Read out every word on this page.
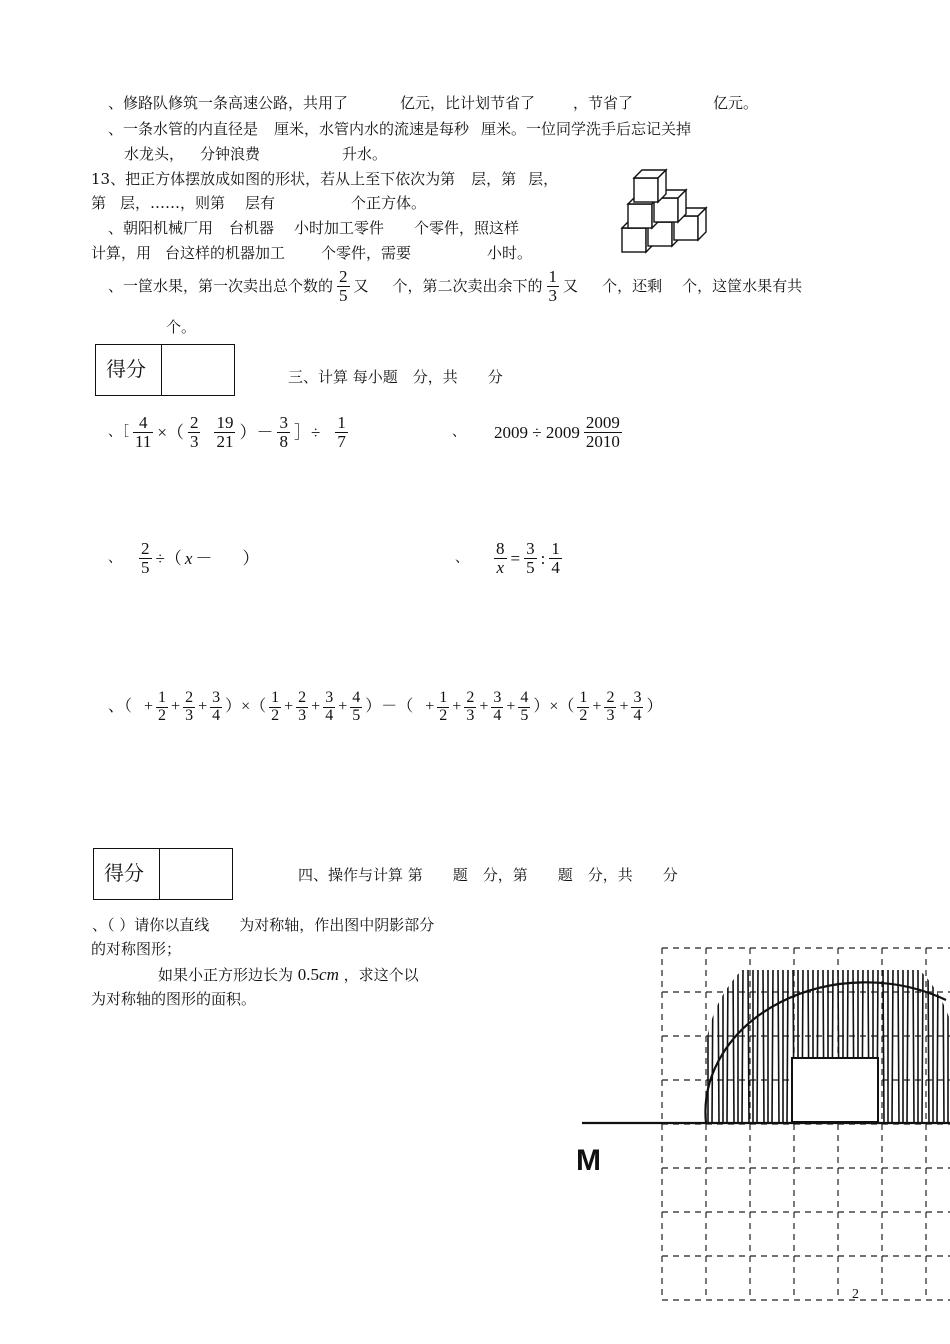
、修路队修筑一条高速公路，共用了	亿元，比计划节省了	，节省了	亿元。
、一条水管的内直径是 厘米，水管内水的流速是每秒 厘米。一位同学洗手后忘记关掉
水龙头， 分钟浪费	升水。
13、把正方体摆放成如图的形状，若从上至下依次为第 层，第 层，
第 层，……，则第 层有	个正方体。
、朝阳机械厂用 台机器 小时加工零件 个零件，照这样
计算，用 台这样的机器加工 个零件，需要	小时。
、一筐水果，第一次卖出总个数的 $\frac{2}{5}$ 又 个，第二次卖出余下的 $\frac{1}{3}$ 又 个，还剩 个，这筐水果有共
个。
得分	三、计算 每小题　分，共　　分
、［ $\frac{4}{11}$ ×（ $\frac{2}{3} \frac{19}{21}$ ）－ $\frac{3}{8}$ ］÷ $\frac{1}{7}$	、 $2009 \div 2009 \frac{2009}{2010}$
、 $\frac{2}{5}$ ÷（ x － ）	、 $\frac{8}{x} = \frac{3}{5}$ : $\frac{1}{4}$
、（ + $\frac{1}{2} + \frac{2}{3} + \frac{3}{4}$ ）×（ $\frac{1}{2} + \frac{2}{3} + \frac{3}{4} + \frac{4}{5}$ ）－（ + $\frac{1}{2} + \frac{2}{3} + \frac{3}{4} + \frac{4}{5}$ ）×（ $\frac{1}{2} + \frac{2}{3} + \frac{3}{4}$ ）
得分	四、操作与计算 第　　题　分，第　　题　分，共　　分
、（ ）请你以直线　　为对称轴，作出图中阴影部分
的对称图形；
如果小正方形边长为 0.5cm ，求这个以
为对称轴的图形的面积。
M
2
